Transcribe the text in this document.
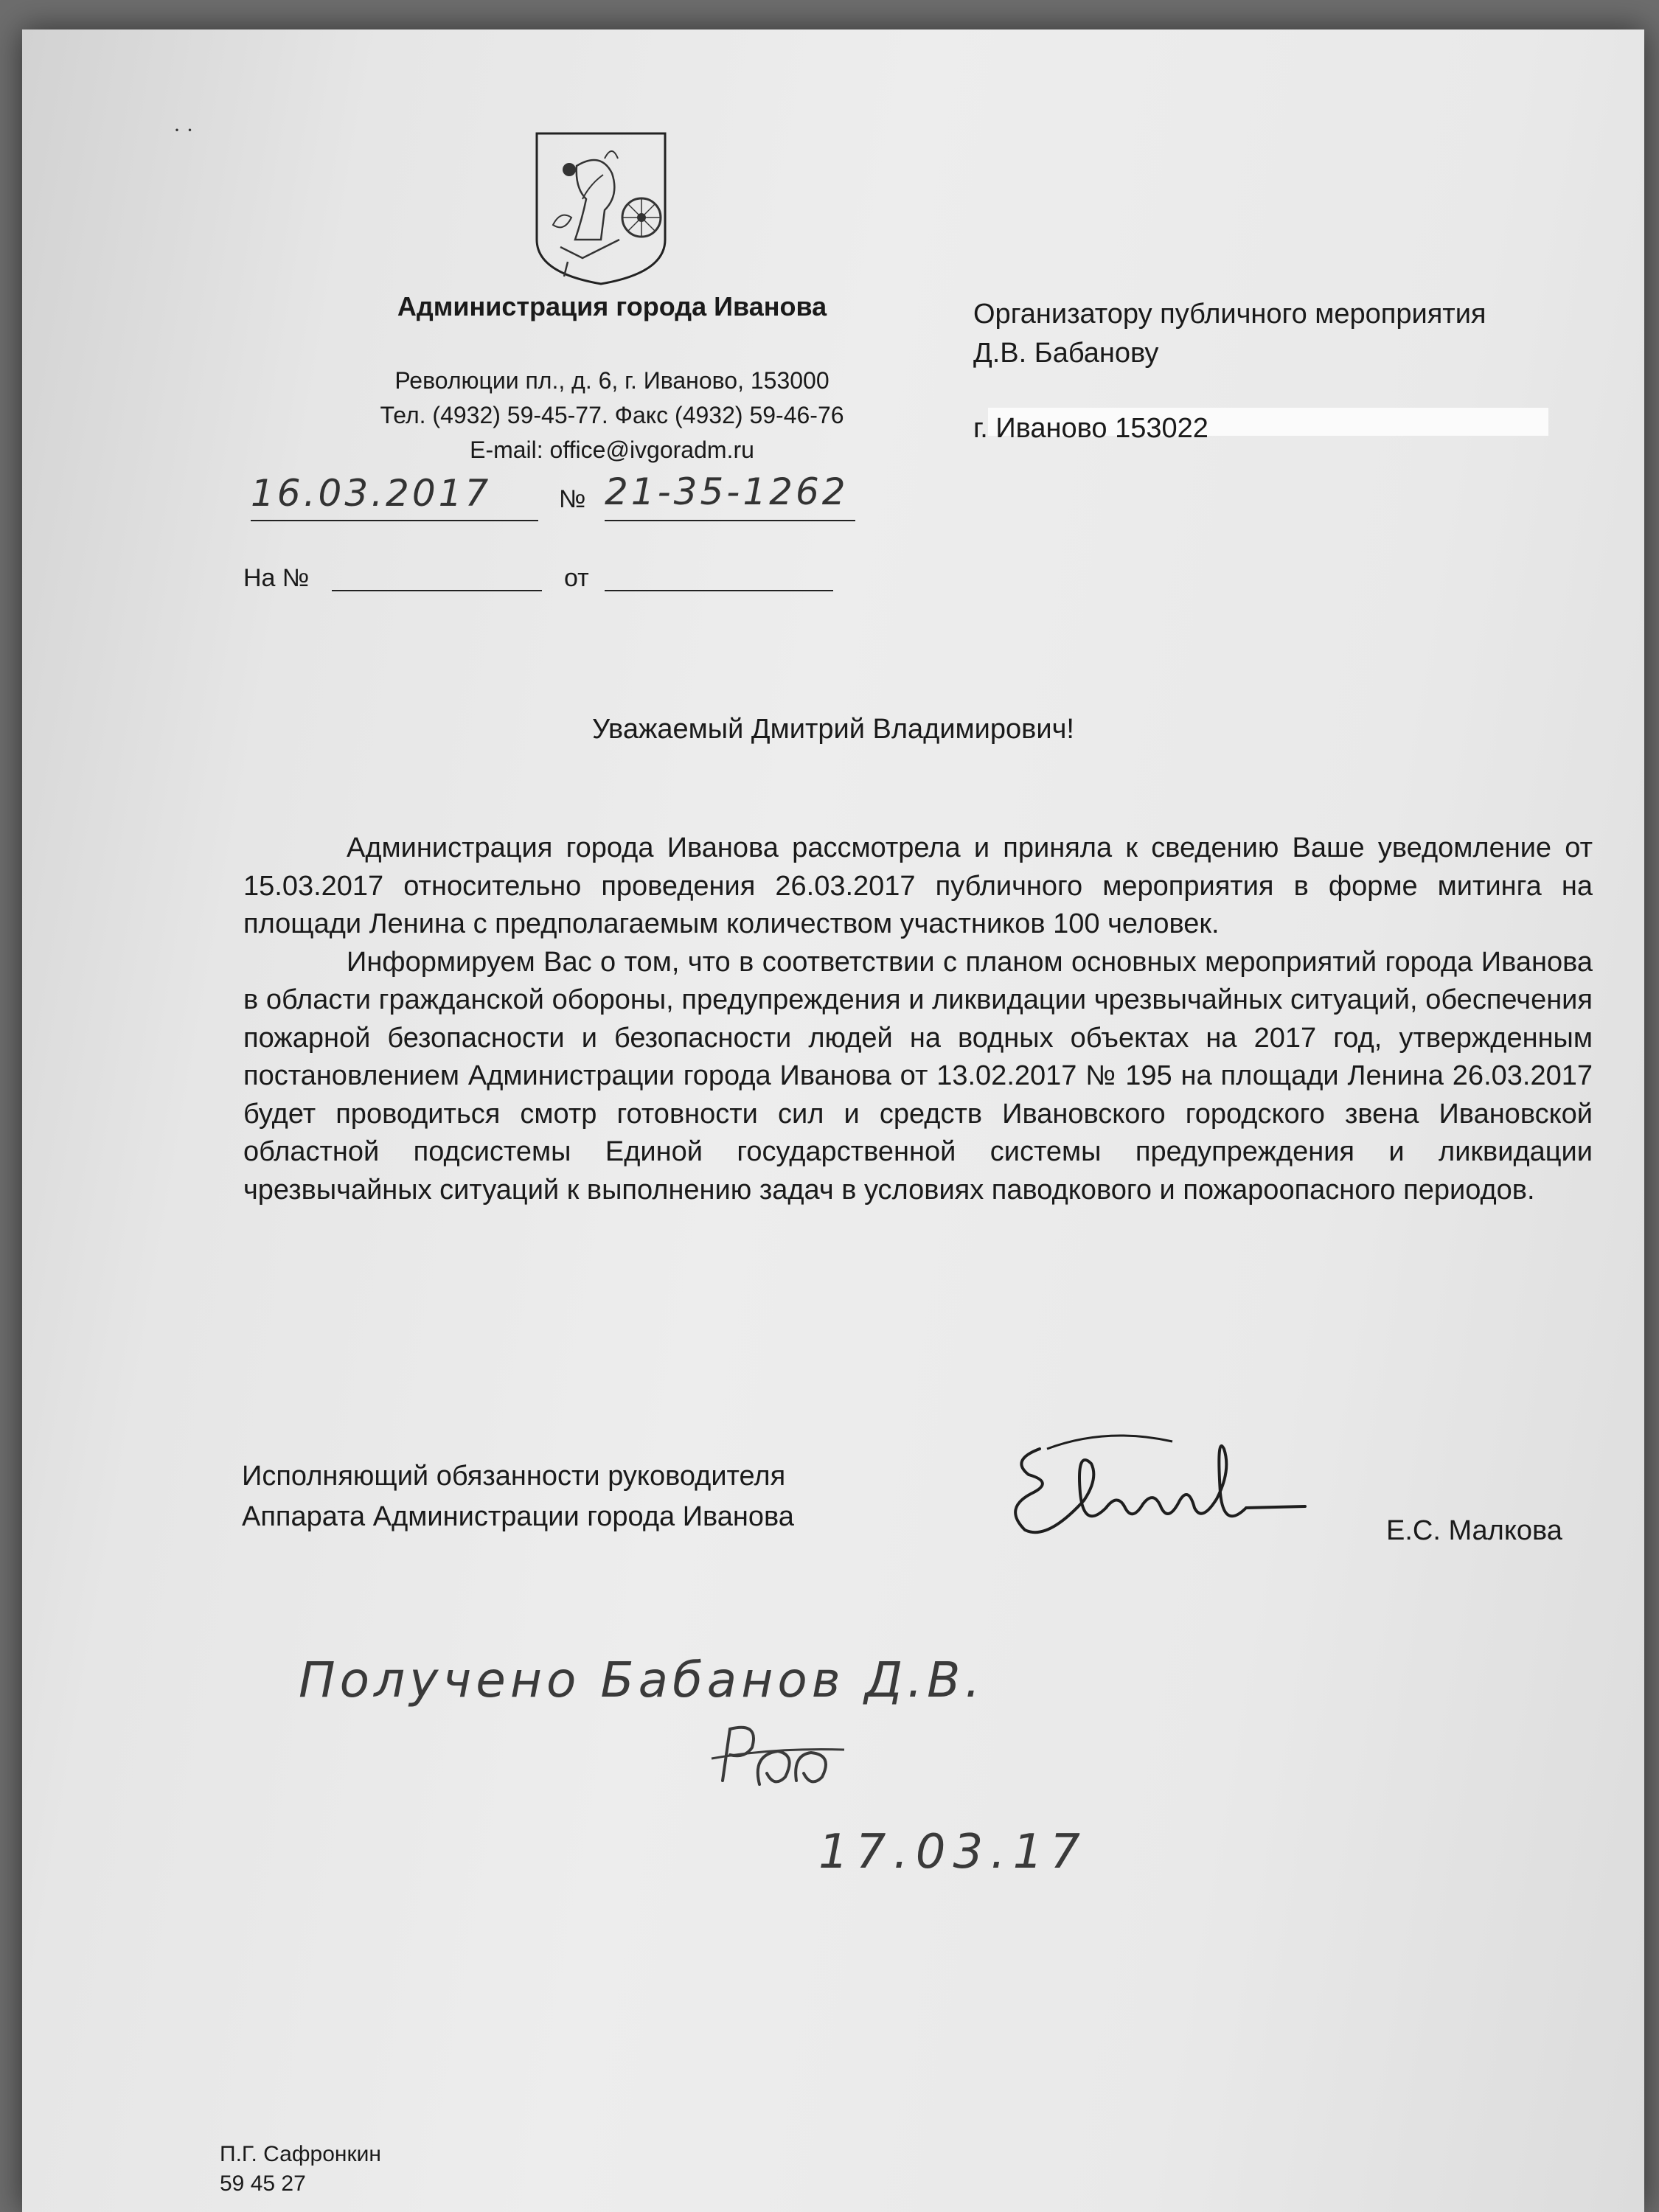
· ·
Администрация города Иванова
Революции пл., д. 6, г. Иваново, 153000
Тел. (4932) 59-45-77. Факс (4932) 59-46-76
E-mail: office@ivgoradm.ru
16.03.2017	№ 21-35-1262
На №	от
Организатору публичного мероприятия
Д.В. Бабанову
г. Иваново 153022
Уважаемый Дмитрий Владимирович!

Администрация города Иванова рассмотрела и приняла к сведению Ваше уведомление от 15.03.2017 относительно проведения 26.03.2017 публичного мероприятия в форме митинга на площади Ленина с предполагаемым количеством участников 100 человек.

Информируем Вас о том, что в соответствии с планом основных мероприятий города Иванова в области гражданской обороны, предупреждения и ликвидации чрезвычайных ситуаций, обеспечения пожарной безопасности и безопасности людей на водных объектах на 2017 год, утвержденным постановлением Администрации города Иванова от 13.02.2017 № 195 на площади Ленина 26.03.2017 будет проводиться смотр готовности сил и средств Ивановского городского звена Ивановской областной подсистемы Единой государственной системы предупреждения и ликвидации чрезвычайных ситуаций к выполнению задач в условиях паводкового и пожароопасного периодов.

Исполняющий обязанности руководителя
Аппарата Администрации города Иванова	Е.С. Малкова
Получено Бабанов Д.В.
17.03.17
П.Г. Сафронкин
59 45 27
